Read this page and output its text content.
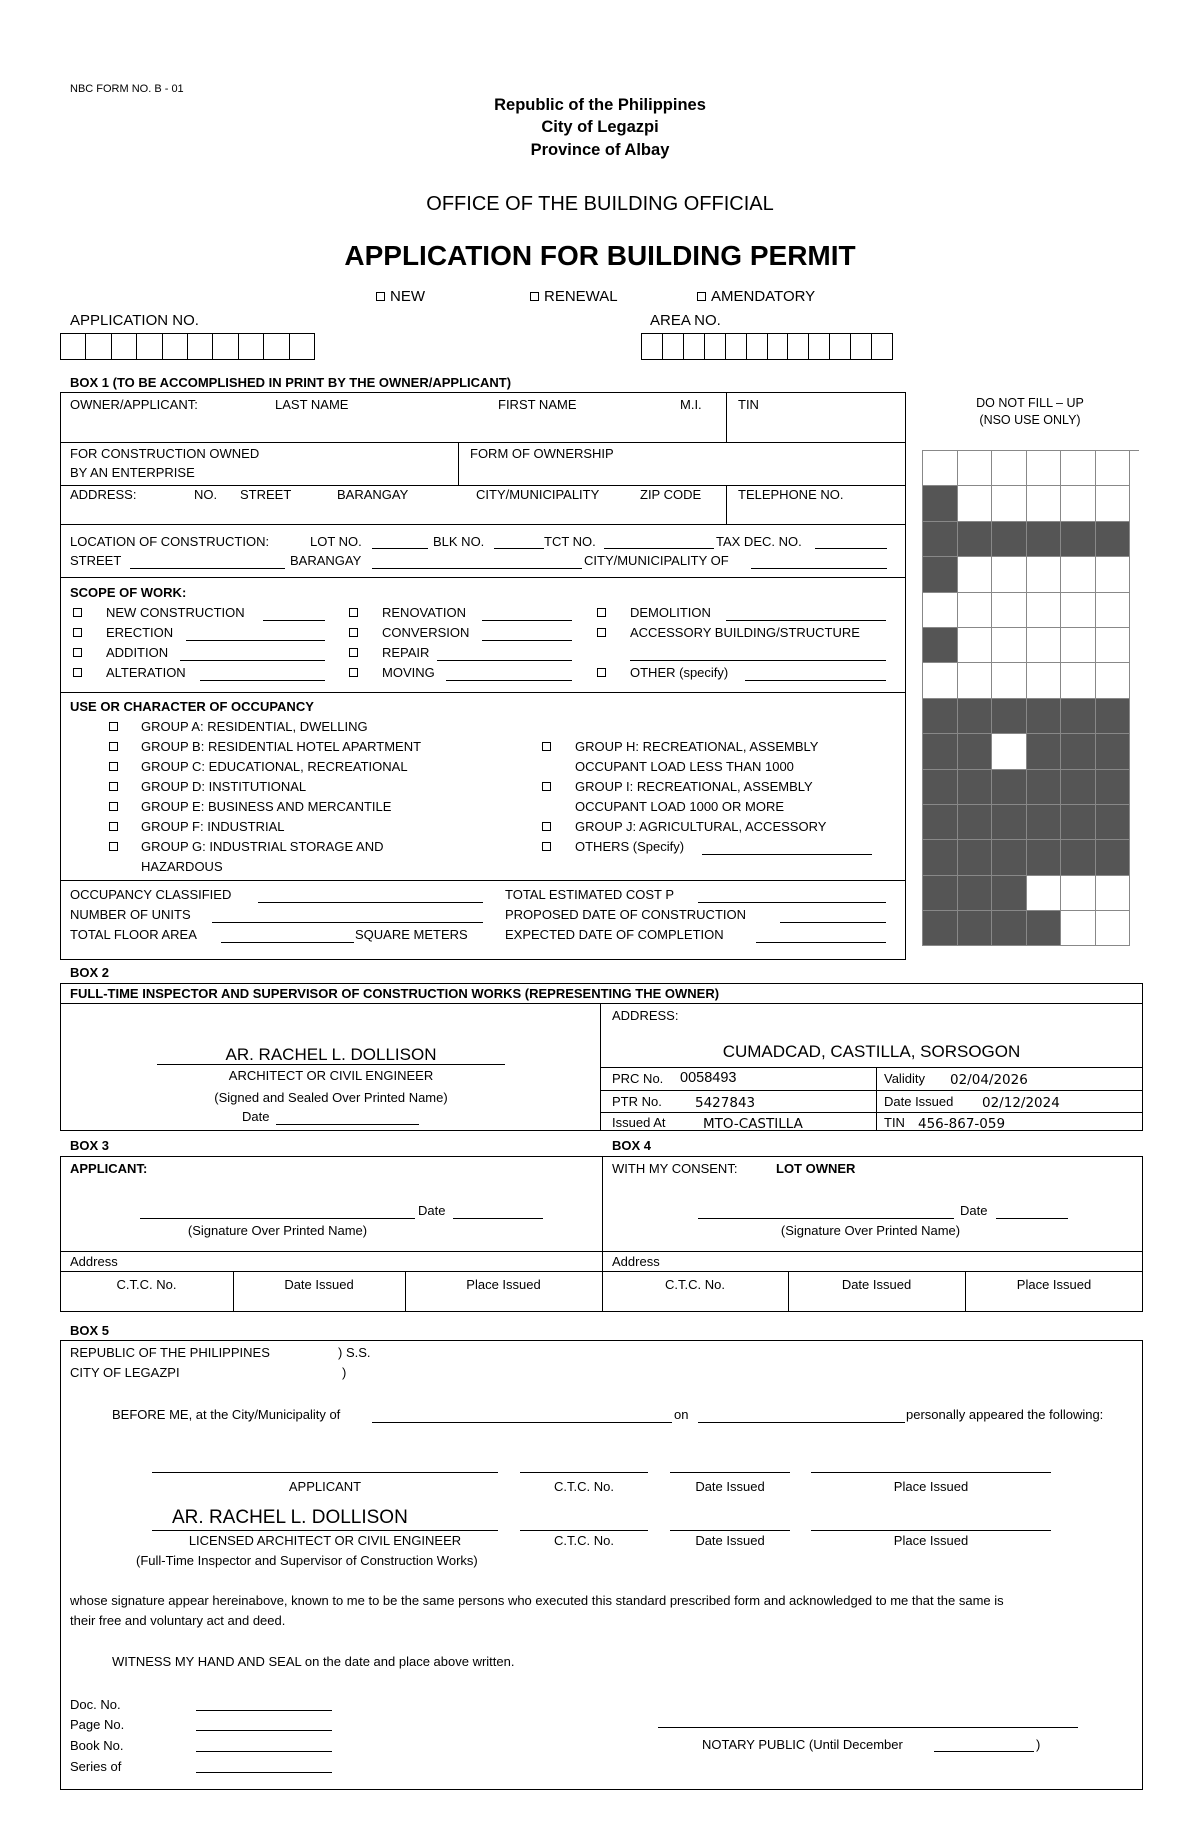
NBC FORM NO. B - 01
Republic of the Philippines
City of Legazpi
Province of Albay
OFFICE OF THE BUILDING OFFICIAL
APPLICATION FOR BUILDING PERMIT
NEW	RENEWAL	AMENDATORY
APPLICATION NO.	AREA NO.
DO NOT FILL – UP
(NSO USE ONLY)
BOX 1 (TO BE ACCOMPLISHED IN PRINT BY THE OWNER/APPLICANT)
OWNER/APPLICANT:	LAST NAME	FIRST NAME	M.I.	TIN
FOR CONSTRUCTION OWNED
BY AN ENTERPRISE
FORM OF OWNERSHIP
ADDRESS:	NO. STREET	BARANGAY	CITY/MUNICIPALITY	ZIP CODE	TELEPHONE NO.
LOCATION OF CONSTRUCTION:	LOT NO.	BLK NO.	TCT NO.	TAX DEC. NO.
STREET	BARANGAY	CITY/MUNICIPALITY OF
SCOPE OF WORK:
NEW CONSTRUCTION
ERECTION
ADDITION
ALTERATION
RENOVATION
CONVERSION
REPAIR
MOVING
DEMOLITION
ACCESSORY BUILDING/STRUCTURE
OTHER (specify)
USE OR CHARACTER OF OCCUPANCY
GROUP A: RESIDENTIAL, DWELLING
GROUP B: RESIDENTIAL HOTEL APARTMENT
GROUP C: EDUCATIONAL, RECREATIONAL
GROUP D: INSTITUTIONAL
GROUP E: BUSINESS AND MERCANTILE
GROUP F: INDUSTRIAL
GROUP G: INDUSTRIAL STORAGE AND
HAZARDOUS
GROUP H: RECREATIONAL, ASSEMBLY
OCCUPANT LOAD LESS THAN 1000
GROUP I: RECREATIONAL, ASSEMBLY
OCCUPANT LOAD 1000 OR MORE
GROUP J: AGRICULTURAL, ACCESSORY
OTHERS (Specify)
OCCUPANCY CLASSIFIED
NUMBER OF UNITS
TOTAL FLOOR AREA	SQUARE METERS
TOTAL ESTIMATED COST P
PROPOSED DATE OF CONSTRUCTION
EXPECTED DATE OF COMPLETION
BOX 2
FULL-TIME INSPECTOR AND SUPERVISOR OF CONSTRUCTION WORKS (REPRESENTING THE OWNER)
AR. RACHEL L. DOLLISON
ARCHITECT OR CIVIL ENGINEER
(Signed and Sealed Over Printed Name)
Date
ADDRESS:
CUMADCAD, CASTILLA, SORSOGON
PRC No. 0058493	Validity 02/04/2026
PTR No. 5427843	Date Issued 02/12/2024
Issued At	MTO-CASTILLA	TIN 456-867-059
BOX 3	BOX 4
APPLICANT:
Date
(Signature Over Printed Name)
Address
C.T.C. No.	Date Issued	Place Issued
WITH MY CONSENT:	LOT OWNER
Date
(Signature Over Printed Name)
Address
C.T.C. No.	Date Issued	Place Issued
BOX 5
REPUBLIC OF THE PHILIPPINES	) S.S.
CITY OF LEGAZPI	)
BEFORE ME, at the City/Municipality of	on	personally appeared the following:
APPLICANT	C.T.C. No.	Date Issued	Place Issued
AR. RACHEL L. DOLLISON
LICENSED ARCHITECT OR CIVIL ENGINEER	C.T.C. No.	Date Issued	Place Issued
(Full-Time Inspector and Supervisor of Construction Works)
whose signature appear hereinabove, known to me to be the same persons who executed this standard prescribed form and acknowledged to me that the same is
their free and voluntary act and deed.
WITNESS MY HAND AND SEAL on the date and place above written.
Doc. No.
Page No.
Book No.
Series of
NOTARY PUBLIC (Until December	)
